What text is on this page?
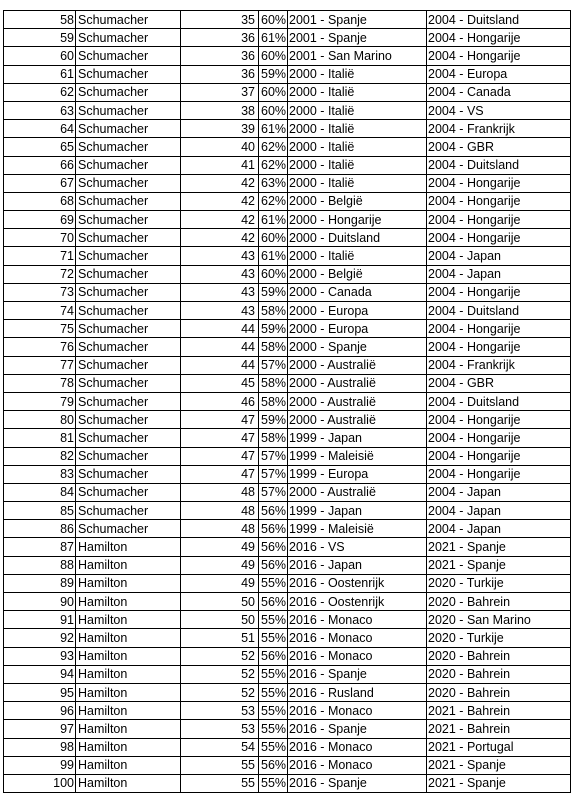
58	Schumacher	35	60%	2001 - Spanje	2004 - Duitsland
59	Schumacher	36	61%	2001 - Spanje	2004 - Hongarije
60	Schumacher	36	60%	2001 - San Marino	2004 - Hongarije
61	Schumacher	36	59%	2000 - Italië	2004 - Europa
62	Schumacher	37	60%	2000 - Italië	2004 - Canada
63	Schumacher	38	60%	2000 - Italië	2004 - VS
64	Schumacher	39	61%	2000 - Italië	2004 - Frankrijk
65	Schumacher	40	62%	2000 - Italië	2004 - GBR
66	Schumacher	41	62%	2000 - Italië	2004 - Duitsland
67	Schumacher	42	63%	2000 - Italië	2004 - Hongarije
68	Schumacher	42	62%	2000 - België	2004 - Hongarije
69	Schumacher	42	61%	2000 - Hongarije	2004 - Hongarije
70	Schumacher	42	60%	2000 - Duitsland	2004 - Hongarije
71	Schumacher	43	61%	2000 - Italië	2004 - Japan
72	Schumacher	43	60%	2000 - België	2004 - Japan
73	Schumacher	43	59%	2000 - Canada	2004 - Hongarije
74	Schumacher	43	58%	2000 - Europa	2004 - Duitsland
75	Schumacher	44	59%	2000 - Europa	2004 - Hongarije
76	Schumacher	44	58%	2000 - Spanje	2004 - Hongarije
77	Schumacher	44	57%	2000 - Australië	2004 - Frankrijk
78	Schumacher	45	58%	2000 - Australië	2004 - GBR
79	Schumacher	46	58%	2000 - Australië	2004 - Duitsland
80	Schumacher	47	59%	2000 - Australië	2004 - Hongarije
81	Schumacher	47	58%	1999 - Japan	2004 - Hongarije
82	Schumacher	47	57%	1999 - Maleisië	2004 - Hongarije
83	Schumacher	47	57%	1999 - Europa	2004 - Hongarije
84	Schumacher	48	57%	2000 - Australië	2004 - Japan
85	Schumacher	48	56%	1999 - Japan	2004 - Japan
86	Schumacher	48	56%	1999 - Maleisië	2004 - Japan
87	Hamilton	49	56%	2016 - VS	2021 - Spanje
88	Hamilton	49	56%	2016 - Japan	2021 - Spanje
89	Hamilton	49	55%	2016 - Oostenrijk	2020 - Turkije
90	Hamilton	50	56%	2016 - Oostenrijk	2020 - Bahrein
91	Hamilton	50	55%	2016 - Monaco	2020 - San Marino
92	Hamilton	51	55%	2016 - Monaco	2020 - Turkije
93	Hamilton	52	56%	2016 - Monaco	2020 - Bahrein
94	Hamilton	52	55%	2016 - Spanje	2020 - Bahrein
95	Hamilton	52	55%	2016 - Rusland	2020 - Bahrein
96	Hamilton	53	55%	2016 - Monaco	2021 - Bahrein
97	Hamilton	53	55%	2016 - Spanje	2021 - Bahrein
98	Hamilton	54	55%	2016 - Monaco	2021 - Portugal
99	Hamilton	55	56%	2016 - Monaco	2021 - Spanje
100	Hamilton	55	55%	2016 - Spanje	2021 - Spanje
